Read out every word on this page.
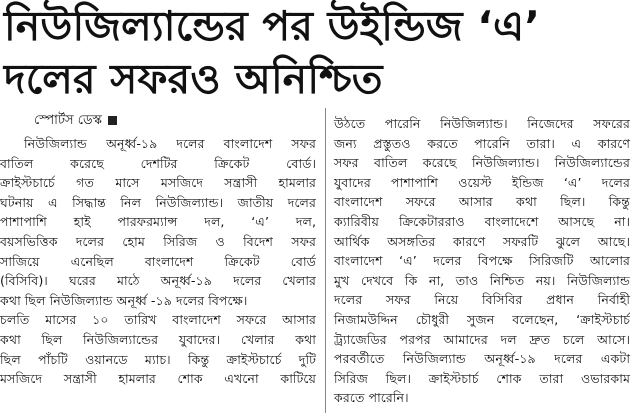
নিউজিল্যান্ডের পর উইন্ডিজ ‘এ’
দলের সফরও অনিশ্চিত
স্পোর্টস ডেস্ক

নিউজিল্যান্ড অনূর্ধ্ব-১৯ দলের বাংলাদেশ সফর

বাতিল করেছে দেশটির ক্রিকেট বোর্ড।

ক্রাইস্টচার্চে গত মাসে মসজিদে সন্ত্রাসী হামলার

ঘটনায় এ সিদ্ধান্ত নিল নিউজিল্যান্ড। জাতীয় দলের

পাশাপাশি হাই পারফরম্যান্স দল, ‘এ’ দল,

বয়সভিত্তিক দলের হোম সিরিজ ও বিদেশ সফর

সাজিয়ে এনেছিল বাংলাদেশ ক্রিকেট বোর্ড

(বিসিবি)। ঘরের মাঠে অনূর্ধ্ব-১৯ দলের খেলার

কথা ছিল নিউজিল্যান্ড অনূর্ধ্ব -১৯ দলের বিপক্ষে।

চলতি মাসের ১০ তারিখ বাংলাদেশ সফরে আসার

কথা ছিল নিউজিল্যান্ডের যুবাদের। খেলার কথা

ছিল পাঁচটি ওয়ানডে ম্যাচ। কিন্তু ক্রাইস্টচার্চে দুটি

মসজিদে সন্ত্রাসী হামলার শোক এখনো কাটিয়ে

উঠতে পারেনি নিউজিল্যান্ড। নিজেদের সফরের

জন্য প্রস্তুতও করতে পারেনি তারা। এ কারণে

সফর বাতিল করেছে নিউজিল্যান্ড। নিউজিল্যান্ডের

যুবাদের পাশাপাশি ওয়েস্ট ইন্ডিজ ‘এ’ দলের

বাংলাদেশ সফরে আসার কথা ছিল। কিন্তু

ক্যারিবীয় ক্রিকেটাররাও বাংলাদেশে আসছে না।

আর্থিক অসঙ্গতির কারণে সফরটি ঝুলে আছে।

বাংলাদেশ ‘এ’ দলের বিপক্ষে সিরিজটি আলোর

মুখ দেখবে কি না, তাও নিশ্চিত নয়। নিউজিল্যান্ড

দলের সফর নিয়ে বিসিবির প্রধান নির্বাহী

নিজামউদ্দিন চৌধুরী সুজন বলেছেন, ‘ক্রাইস্টচার্চ

ট্র্যাজেডির পরপর আমাদের দল দ্রুত চলে আসে।

পরবর্তীতে নিউজিল্যান্ড অনূর্ধ্ব-১৯ দলের একটা

সিরিজ ছিল। ক্রাইস্টচার্চ শোক তারা ওভারকাম

করতে পারেনি।
